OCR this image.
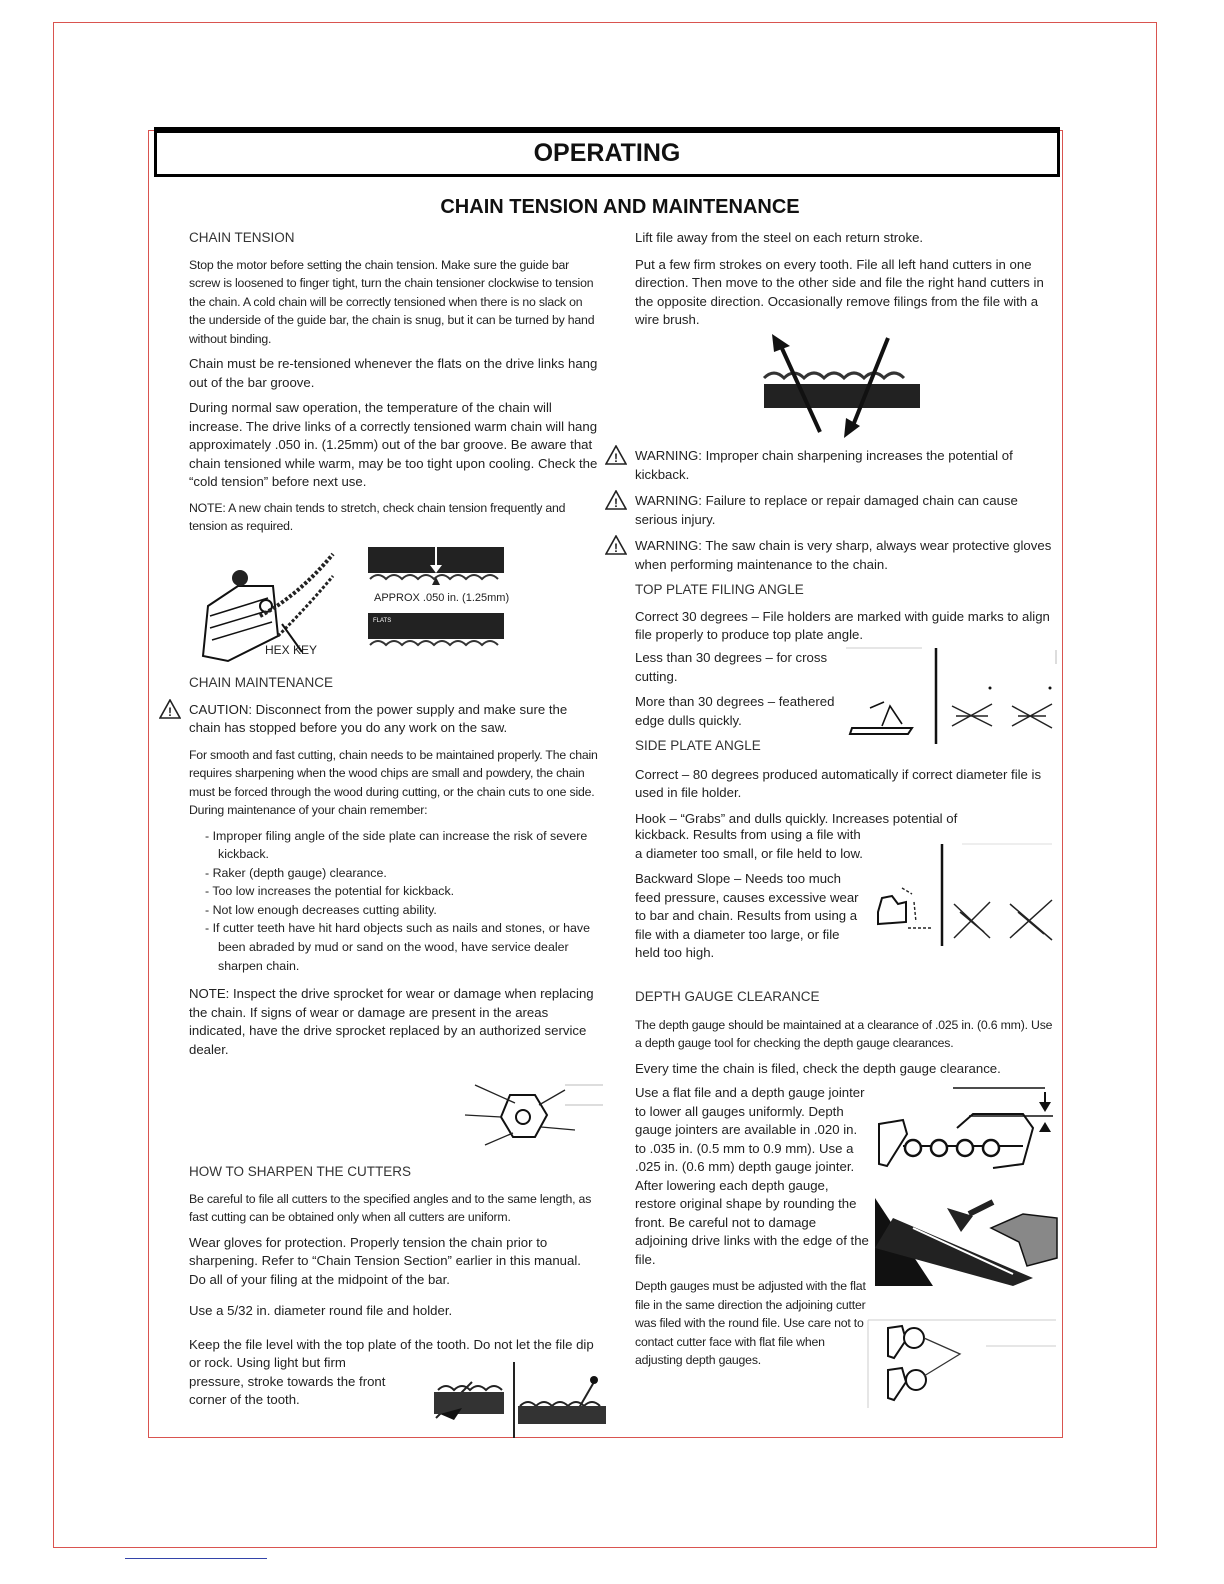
OPERATING
CHAIN TENSION AND MAINTENANCE
CHAIN TENSION

Stop the motor before setting the chain tension. Make sure the guide bar screw is loosened to finger tight, turn the chain tensioner clockwise to tension the chain. A cold chain will be correctly tensioned when there is no slack on the underside of the guide bar, the chain is snug, but it can be turned by hand without binding.

Chain must be re-tensioned whenever the flats on the drive links hang out of the bar groove.

During normal saw operation, the temperature of the chain will increase. The drive links of a correctly tensioned warm chain will hang approximately .050 in. (1.25mm) out of the bar groove. Be aware that chain tensioned while warm, may be too tight upon cooling. Check the “cold tension” before next use.

NOTE: A new chain tends to stretch, check chain tension frequently and tension as required.

HEX KEY
APPROX .050 in. (1.25mm)
FLATS
CHAIN MAINTENANCE
! CAUTION: Disconnect from the power supply and make sure the chain has stopped before you do any work on the saw.

For smooth and fast cutting, chain needs to be maintained properly. The chain requires sharpening when the wood chips are small and powdery, the chain must be forced through the wood during cutting, or the chain cuts to one side. During maintenance of your chain remember:

- Improper filing angle of the side plate can increase the risk of severe kickback.
- Raker (depth gauge) clearance.
- Too low increases the potential for kickback.
- Not low enough decreases cutting ability.
- If cutter teeth have hit hard objects such as nails and stones, or have been abraded by mud or sand on the wood, have service dealer sharpen chain.

NOTE: Inspect the drive sprocket for wear or damage when replacing the chain. If signs of wear or damage are present in the areas indicated, have the drive sprocket replaced by an authorized service dealer.

HOW TO SHARPEN THE CUTTERS

Be careful to file all cutters to the specified angles and to the same length, as fast cutting can be obtained only when all cutters are uniform.

Wear gloves for protection. Properly tension the chain prior to sharpening. Refer to “Chain Tension Section” earlier in this manual. Do all of your filing at the midpoint of the bar.

Use a 5/32 in. diameter round file and holder.

Keep the file level with the top plate of the tooth. Do not let the file dip or rock. Using light but firm

pressure, stroke towards the front

corner of the tooth.

Lift file away from the steel on each return stroke.

Put a few firm strokes on every tooth. File all left hand cutters in one direction. Then move to the other side and file the right hand cutters in the opposite direction. Occasionally remove filings from the file with a wire brush.

! WARNING: Improper chain sharpening increases the potential of kickback.

! WARNING: Failure to replace or repair damaged chain can cause serious injury.

! WARNING: The saw chain is very sharp, always wear protective gloves when performing maintenance to the chain.

TOP PLATE FILING ANGLE

Correct 30 degrees – File holders are marked with guide marks to align file properly to produce top plate angle.

Less than 30 degrees – for cross cutting.

More than 30 degrees – feathered edge dulls quickly.

SIDE PLATE ANGLE

Correct – 80 degrees produced automatically if correct diameter file is used in file holder.

Hook – “Grabs” and dulls quickly. Increases potential of

kickback. Results from using a file with a diameter too small, or file held to low.

Backward Slope – Needs too much feed pressure, causes excessive wear to bar and chain. Results from using a file with a diameter too large, or file held too high.

DEPTH GAUGE CLEARANCE

The depth gauge should be maintained at a clearance of .025 in. (0.6 mm). Use a depth gauge tool for checking the depth gauge clearances.

Every time the chain is filed, check the depth gauge clearance.

Use a flat file and a depth gauge jointer to lower all gauges uniformly. Depth gauge jointers are available in .020 in. to .035 in. (0.5 mm to 0.9 mm). Use a .025 in. (0.6 mm) depth gauge jointer. After lowering each depth gauge, restore original shape by rounding the front. Be careful not to damage adjoining drive links with the edge of the file.

Depth gauges must be adjusted with the flat file in the same direction the adjoining cutter was filed with the round file. Use care not to contact cutter face with flat file when adjusting depth gauges.
